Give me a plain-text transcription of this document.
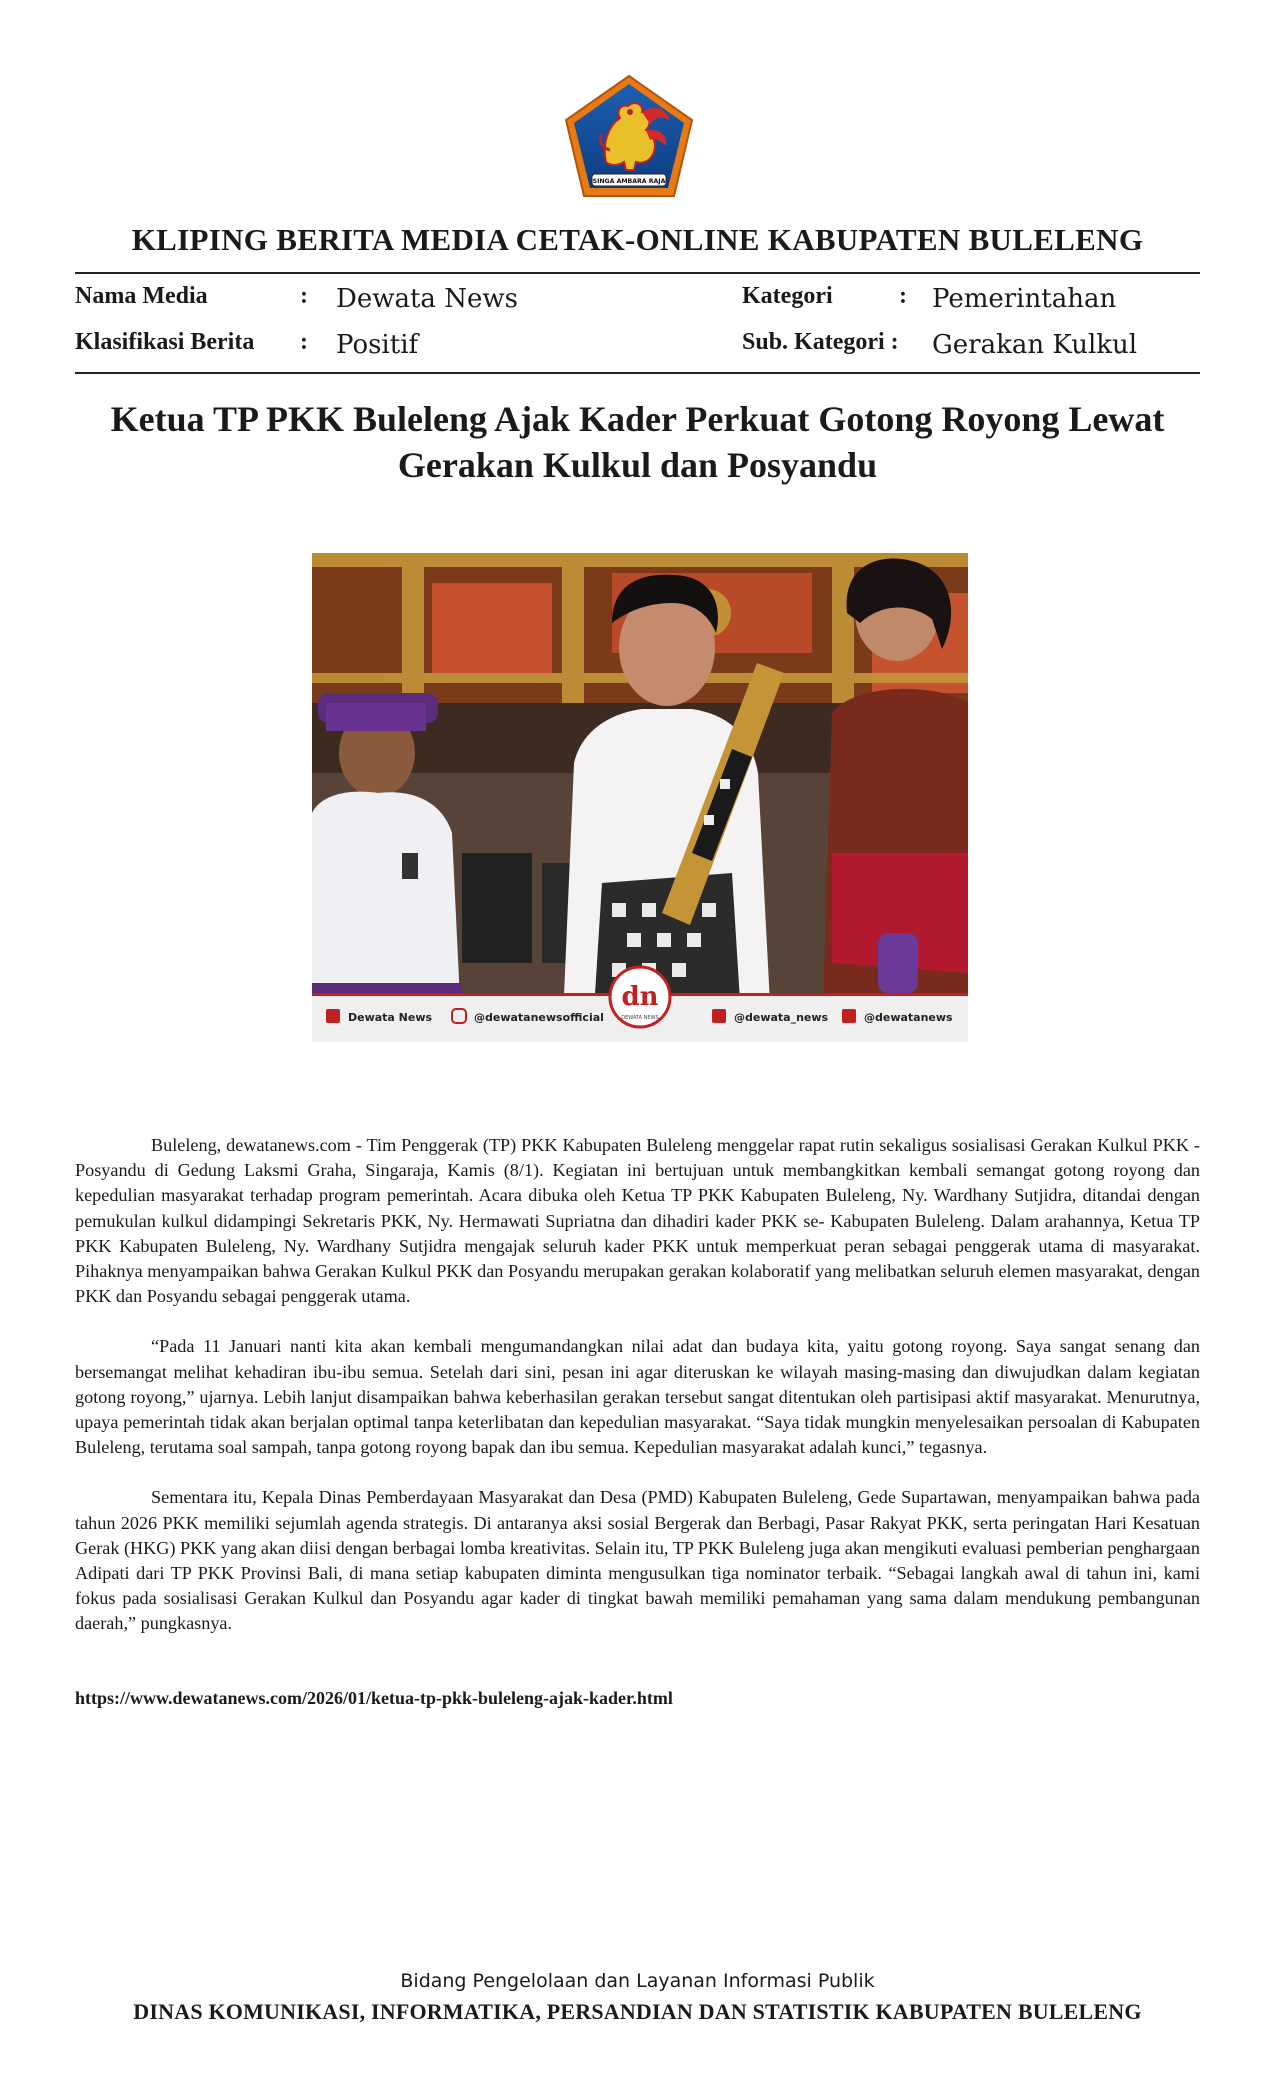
SINGA AMBARA RAJA
KLIPING BERITA MEDIA CETAK-ONLINE KABUPATEN BULELENG
Nama Media	: Dewata News	Kategori	: Pemerintahan
Klasifikasi Berita : Positif	Sub. Kategori : Gerakan Kulkul
Ketua TP PKK Buleleng Ajak Kader Perkuat Gotong Royong Lewat Gerakan Kulkul dan Posyandu
Dewata News	@dewatanewsofficial
dn
DEWATA NEWS	@dewata_news	@dewatanews

Buleleng, dewatanews.com - Tim Penggerak (TP) PKK Kabupaten Buleleng menggelar rapat rutin sekaligus sosialisasi Gerakan Kulkul PKK - Posyandu di Gedung Laksmi Graha, Singaraja, Kamis (8/1). Kegiatan ini bertujuan untuk membangkitkan kembali semangat gotong royong dan kepedulian masyarakat terhadap program pemerintah. Acara dibuka oleh Ketua TP PKK Kabupaten Buleleng, Ny. Wardhany Sutjidra, ditandai dengan pemukulan kulkul didampingi Sekretaris PKK, Ny. Hermawati Supriatna dan dihadiri kader PKK se- Kabupaten Buleleng. Dalam arahannya, Ketua TP PKK Kabupaten Buleleng, Ny. Wardhany Sutjidra mengajak seluruh kader PKK untuk memperkuat peran sebagai penggerak utama di masyarakat. Pihaknya menyampaikan bahwa Gerakan Kulkul PKK dan Posyandu merupakan gerakan kolaboratif yang melibatkan seluruh elemen masyarakat, dengan PKK dan Posyandu sebagai penggerak utama.

“Pada 11 Januari nanti kita akan kembali mengumandangkan nilai adat dan budaya kita, yaitu gotong royong. Saya sangat senang dan bersemangat melihat kehadiran ibu-ibu semua. Setelah dari sini, pesan ini agar diteruskan ke wilayah masing-masing dan diwujudkan dalam kegiatan gotong royong,” ujarnya. Lebih lanjut disampaikan bahwa keberhasilan gerakan tersebut sangat ditentukan oleh partisipasi aktif masyarakat. Menurutnya, upaya pemerintah tidak akan berjalan optimal tanpa keterlibatan dan kepedulian masyarakat. “Saya tidak mungkin menyelesaikan persoalan di Kabupaten Buleleng, terutama soal sampah, tanpa gotong royong bapak dan ibu semua. Kepedulian masyarakat adalah kunci,” tegasnya.

Sementara itu, Kepala Dinas Pemberdayaan Masyarakat dan Desa (PMD) Kabupaten Buleleng, Gede Supartawan, menyampaikan bahwa pada tahun 2026 PKK memiliki sejumlah agenda strategis. Di antaranya aksi sosial Bergerak dan Berbagi, Pasar Rakyat PKK, serta peringatan Hari Kesatuan Gerak (HKG) PKK yang akan diisi dengan berbagai lomba kreativitas. Selain itu, TP PKK Buleleng juga akan mengikuti evaluasi pemberian penghargaan Adipati dari TP PKK Provinsi Bali, di mana setiap kabupaten diminta mengusulkan tiga nominator terbaik. “Sebagai langkah awal di tahun ini, kami fokus pada sosialisasi Gerakan Kulkul dan Posyandu agar kader di tingkat bawah memiliki pemahaman yang sama dalam mendukung pembangunan daerah,” pungkasnya.

https://www.dewatanews.com/2026/01/ketua-tp-pkk-buleleng-ajak-kader.html
Bidang Pengelolaan dan Layanan Informasi Publik
DINAS KOMUNIKASI, INFORMATIKA, PERSANDIAN DAN STATISTIK KABUPATEN BULELENG
